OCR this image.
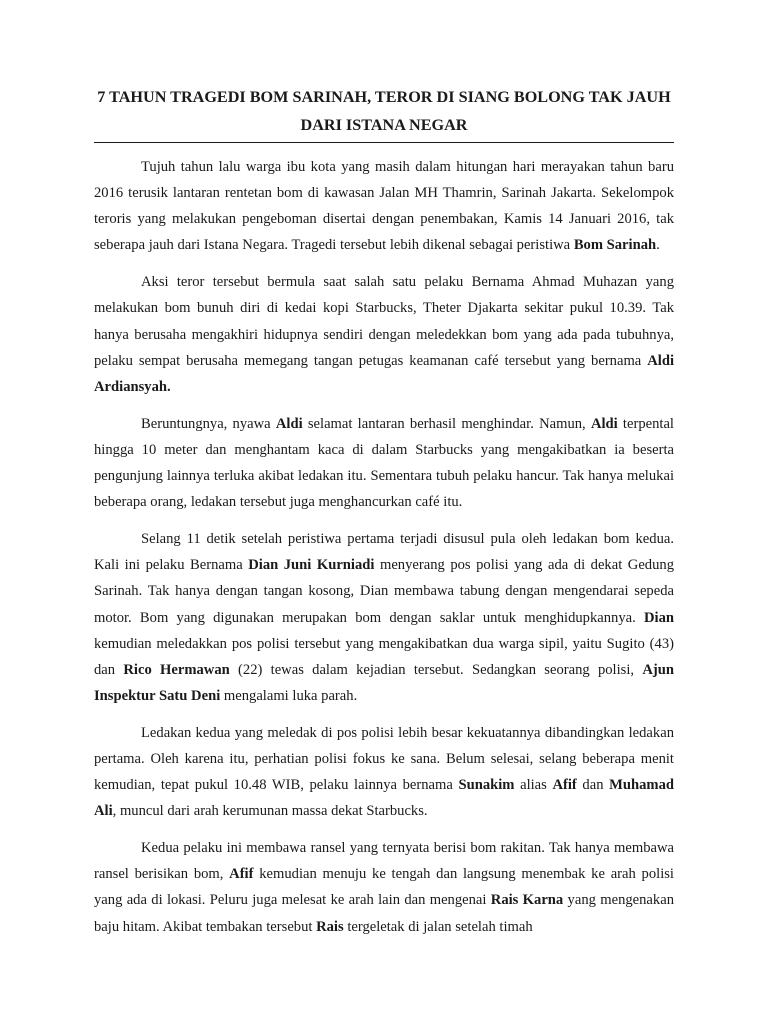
7 TAHUN TRAGEDI BOM SARINAH, TEROR DI SIANG BOLONG TAK JAUH DARI ISTANA NEGAR

Tujuh tahun lalu warga ibu kota yang masih dalam hitungan hari merayakan tahun baru 2016 terusik lantaran rentetan bom di kawasan Jalan MH Thamrin, Sarinah Jakarta. Sekelompok teroris yang melakukan pengeboman disertai dengan penembakan, Kamis 14 Januari 2016, tak seberapa jauh dari Istana Negara. Tragedi tersebut lebih dikenal sebagai peristiwa Bom Sarinah.

Aksi teror tersebut bermula saat salah satu pelaku Bernama Ahmad Muhazan yang melakukan bom bunuh diri di kedai kopi Starbucks, Theter Djakarta sekitar pukul 10.39. Tak hanya berusaha mengakhiri hidupnya sendiri dengan meledekkan bom yang ada pada tubuhnya, pelaku sempat berusaha memegang tangan petugas keamanan café tersebut yang bernama Aldi Ardiansyah.

Beruntungnya, nyawa Aldi selamat lantaran berhasil menghindar. Namun, Aldi terpental hingga 10 meter dan menghantam kaca di dalam Starbucks yang mengakibatkan ia beserta pengunjung lainnya terluka akibat ledakan itu. Sementara tubuh pelaku hancur. Tak hanya melukai beberapa orang, ledakan tersebut juga menghancurkan café itu.

Selang 11 detik setelah peristiwa pertama terjadi disusul pula oleh ledakan bom kedua. Kali ini pelaku Bernama Dian Juni Kurniadi menyerang pos polisi yang ada di dekat Gedung Sarinah. Tak hanya dengan tangan kosong, Dian membawa tabung dengan mengendarai sepeda motor. Bom yang digunakan merupakan bom dengan saklar untuk menghidupkannya. Dian kemudian meledakkan pos polisi tersebut yang mengakibatkan dua warga sipil, yaitu Sugito (43) dan Rico Hermawan (22) tewas dalam kejadian tersebut. Sedangkan seorang polisi, Ajun Inspektur Satu Deni mengalami luka parah.

Ledakan kedua yang meledak di pos polisi lebih besar kekuatannya dibandingkan ledakan pertama. Oleh karena itu, perhatian polisi fokus ke sana. Belum selesai, selang beberapa menit kemudian, tepat pukul 10.48 WIB, pelaku lainnya bernama Sunakim alias Afif dan Muhamad Ali, muncul dari arah kerumunan massa dekat Starbucks.

Kedua pelaku ini membawa ransel yang ternyata berisi bom rakitan. Tak hanya membawa ransel berisikan bom, Afif kemudian menuju ke tengah dan langsung menembak ke arah polisi yang ada di lokasi. Peluru juga melesat ke arah lain dan mengenai Rais Karna yang mengenakan baju hitam. Akibat tembakan tersebut Rais tergeletak di jalan setelah timah
